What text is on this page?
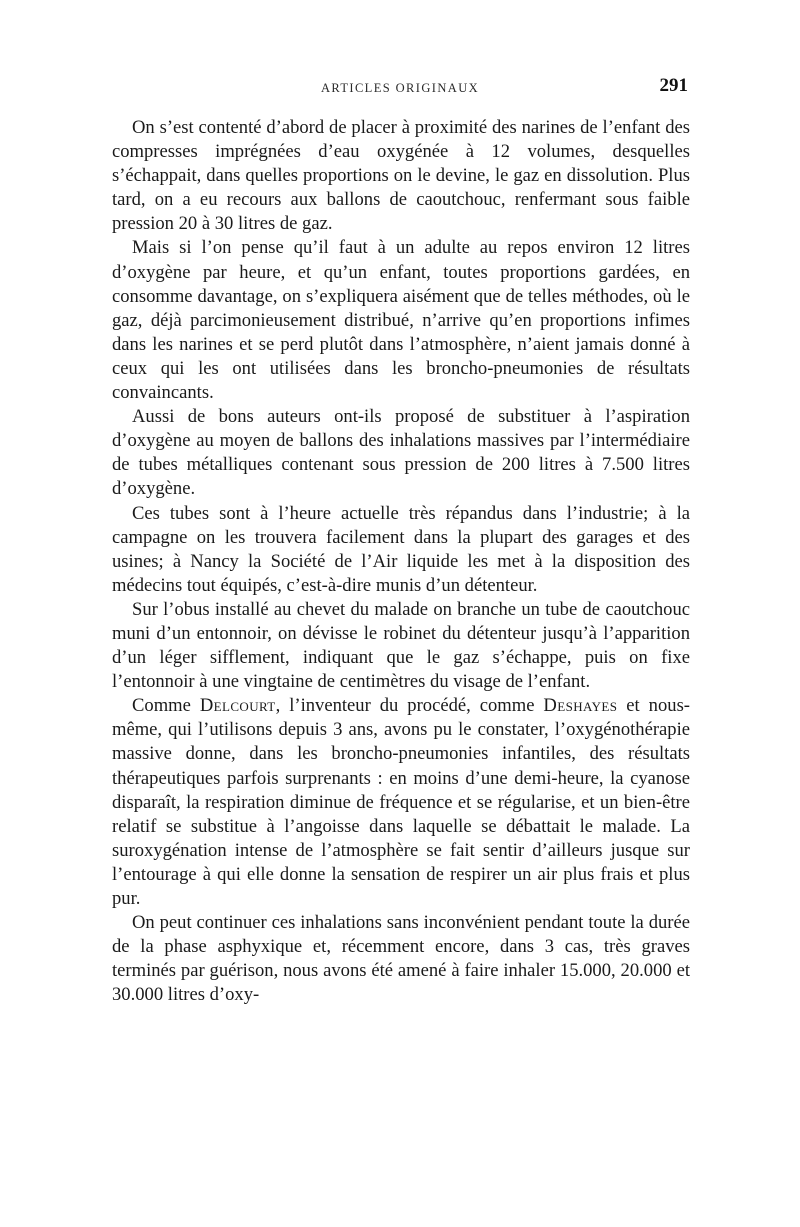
ARTICLES ORIGINAUX	291

On s’est contenté d’abord de placer à proximité des narines de l’enfant des compresses imprégnées d’eau oxygénée à 12 volumes, desquelles s’échappait, dans quelles proportions on le devine, le gaz en dissolution. Plus tard, on a eu recours aux ballons de caoutchouc, renfermant sous faible pression 20 à 30 litres de gaz.

Mais si l’on pense qu’il faut à un adulte au repos environ 12 litres d’oxygène par heure, et qu’un enfant, toutes proportions gardées, en consomme davantage, on s’expliquera aisément que de telles méthodes, où le gaz, déjà parcimonieusement distribué, n’arrive qu’en proportions infimes dans les narines et se perd plutôt dans l’atmosphère, n’aient jamais donné à ceux qui les ont utilisées dans les broncho-pneumonies de résultats convaincants.

Aussi de bons auteurs ont-ils proposé de substituer à l’aspiration d’oxygène au moyen de ballons des inhalations massives par l’intermédiaire de tubes métalliques contenant sous pression de 200 litres à 7.500 litres d’oxygène.

Ces tubes sont à l’heure actuelle très répandus dans l’industrie; à la campagne on les trouvera facilement dans la plupart des garages et des usines; à Nancy la Société de l’Air liquide les met à la disposition des médecins tout équipés, c’est-à-dire munis d’un détenteur.

Sur l’obus installé au chevet du malade on branche un tube de caoutchouc muni d’un entonnoir, on dévisse le robinet du détenteur jusqu’à l’apparition d’un léger sifflement, indiquant que le gaz s’échappe, puis on fixe l’entonnoir à une vingtaine de centimètres du visage de l’enfant.

Comme Delcourt, l’inventeur du procédé, comme Deshayes et nous-même, qui l’utilisons depuis 3 ans, avons pu le constater, l’oxygénothérapie massive donne, dans les broncho-pneumonies infantiles, des résultats thérapeutiques parfois surprenants : en moins d’une demi-heure, la cyanose disparaît, la respiration diminue de fréquence et se régularise, et un bien-être relatif se substitue à l’angoisse dans laquelle se débattait le malade. La suroxygénation intense de l’atmosphère se fait sentir d’ailleurs jusque sur l’entourage à qui elle donne la sensation de respirer un air plus frais et plus pur.

On peut continuer ces inhalations sans inconvénient pendant toute la durée de la phase asphyxique et, récemment encore, dans 3 cas, très graves terminés par guérison, nous avons été amené à faire inhaler 15.000, 20.000 et 30.000 litres d’oxy-
